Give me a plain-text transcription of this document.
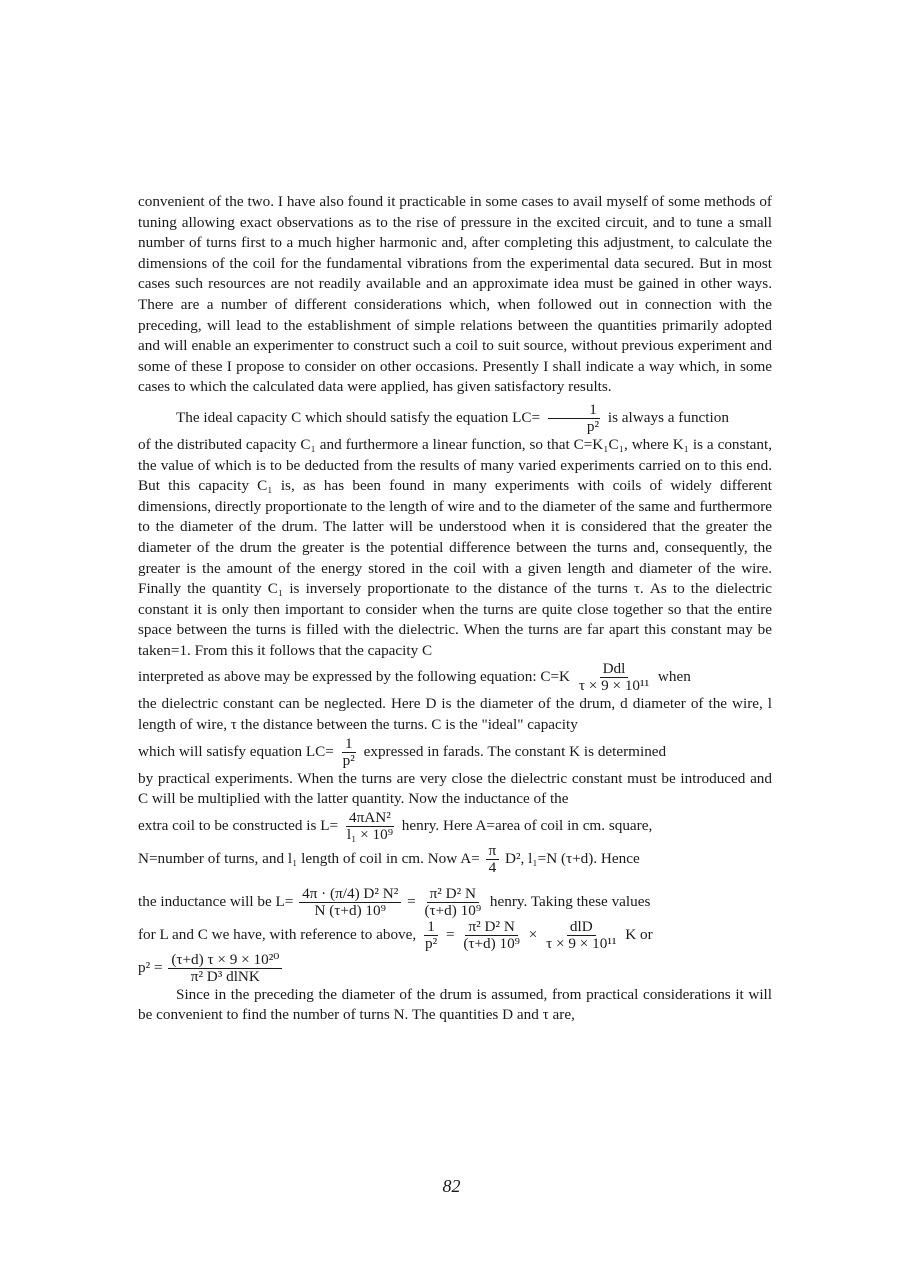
convenient of the two. I have also found it practicable in some cases to avail myself of some methods of tuning allowing exact observations as to the rise of pressure in the excited circuit, and to tune a small number of turns first to a much higher harmonic and, after completing this adjustment, to calculate the dimensions of the coil for the fundamental vibrations from the experimental data secured. But in most cases such resources are not readily available and an approximate idea must be gained in other ways. There are a number of different considerations which, when followed out in connection with the preceding, will lead to the establishment of simple relations between the quantities primarily adopted and will enable an experimenter to construct such a coil to suit source, without previous experiment and some of these I propose to consider on other occasions. Presently I shall indicate a way which, in some cases to which the calculated data were applied, has given satisfactory results.

The ideal capacity C which should satisfy the equation $LC= \frac{1}{\text{p²}}$ is always a function

of the distributed capacity C₁ and furthermore a linear function, so that C=K₁C₁, where K₁ is a constant, the value of which is to be deducted from the results of many varied experiments carried on to this end. But this capacity C₁ is, as has been found in many experiments with coils of widely different dimensions, directly proportionate to the length of wire and to the diameter of the same and furthermore to the diameter of the drum. The latter will be understood when it is considered that the greater the diameter of the drum the greater is the potential difference between the turns and, consequently, the greater is the amount of the energy stored in the coil with a given length and diameter of the wire. Finally the quantity C₁ is inversely proportionate to the distance of the turns τ. As to the dielectric constant it is only then important to consider when the turns are quite close together so that the entire space between the turns is filled with the dielectric. When the turns are far apart this constant may be taken=1. From this it follows that the capacity C

interpreted as above may be expressed by the following equation: $C=K \frac{\text{Ddl}}{\text{τ × 9 × 10¹¹}}$ when

the dielectric constant can be neglected. Here D is the diameter of the drum, d diameter of the wire, l length of wire, τ the distance between the turns. C is the "ideal" capacity

which will satisfy equation $LC= \frac{1}{\text{p²}}$ expressed in farads. The constant K is determined

by practical experiments. When the turns are very close the dielectric constant must be introduced and C will be multiplied with the latter quantity. Now the inductance of the

extra coil to be constructed is $L= \frac{\text{4πAN²}}{\text{l₁ × 10⁹}}$ henry. Here A=area of coil in cm. square,

N=number of turns, and l₁ length of coil in cm. Now $A= \frac{\pi}{4} D^2$, l₁=N (τ+d). Hence

the inductance will be $L= \frac{\text{4π · (π/4) D² N²}}{\text{N (τ+d) 10⁹}} = \frac{\text{π² D² N}}{\text{(τ+d) 10⁹}}$ henry. Taking these values

for L and C we have, with reference to above, $\frac{1}{\text{p²}} = \frac{\text{π² D² N}}{\text{(τ+d) 10⁹}} \times \frac{\text{dlD}}{\text{τ × 9 × 10¹¹}}$ K or

$p^2 = \frac{\text{(τ+d) τ × 9 × 10²⁰}}{\text{π² D³ dlNK}}$

Since in the preceding the diameter of the drum is assumed, from practical considerations it will be convenient to find the number of turns N. The quantities D and τ are,

82
